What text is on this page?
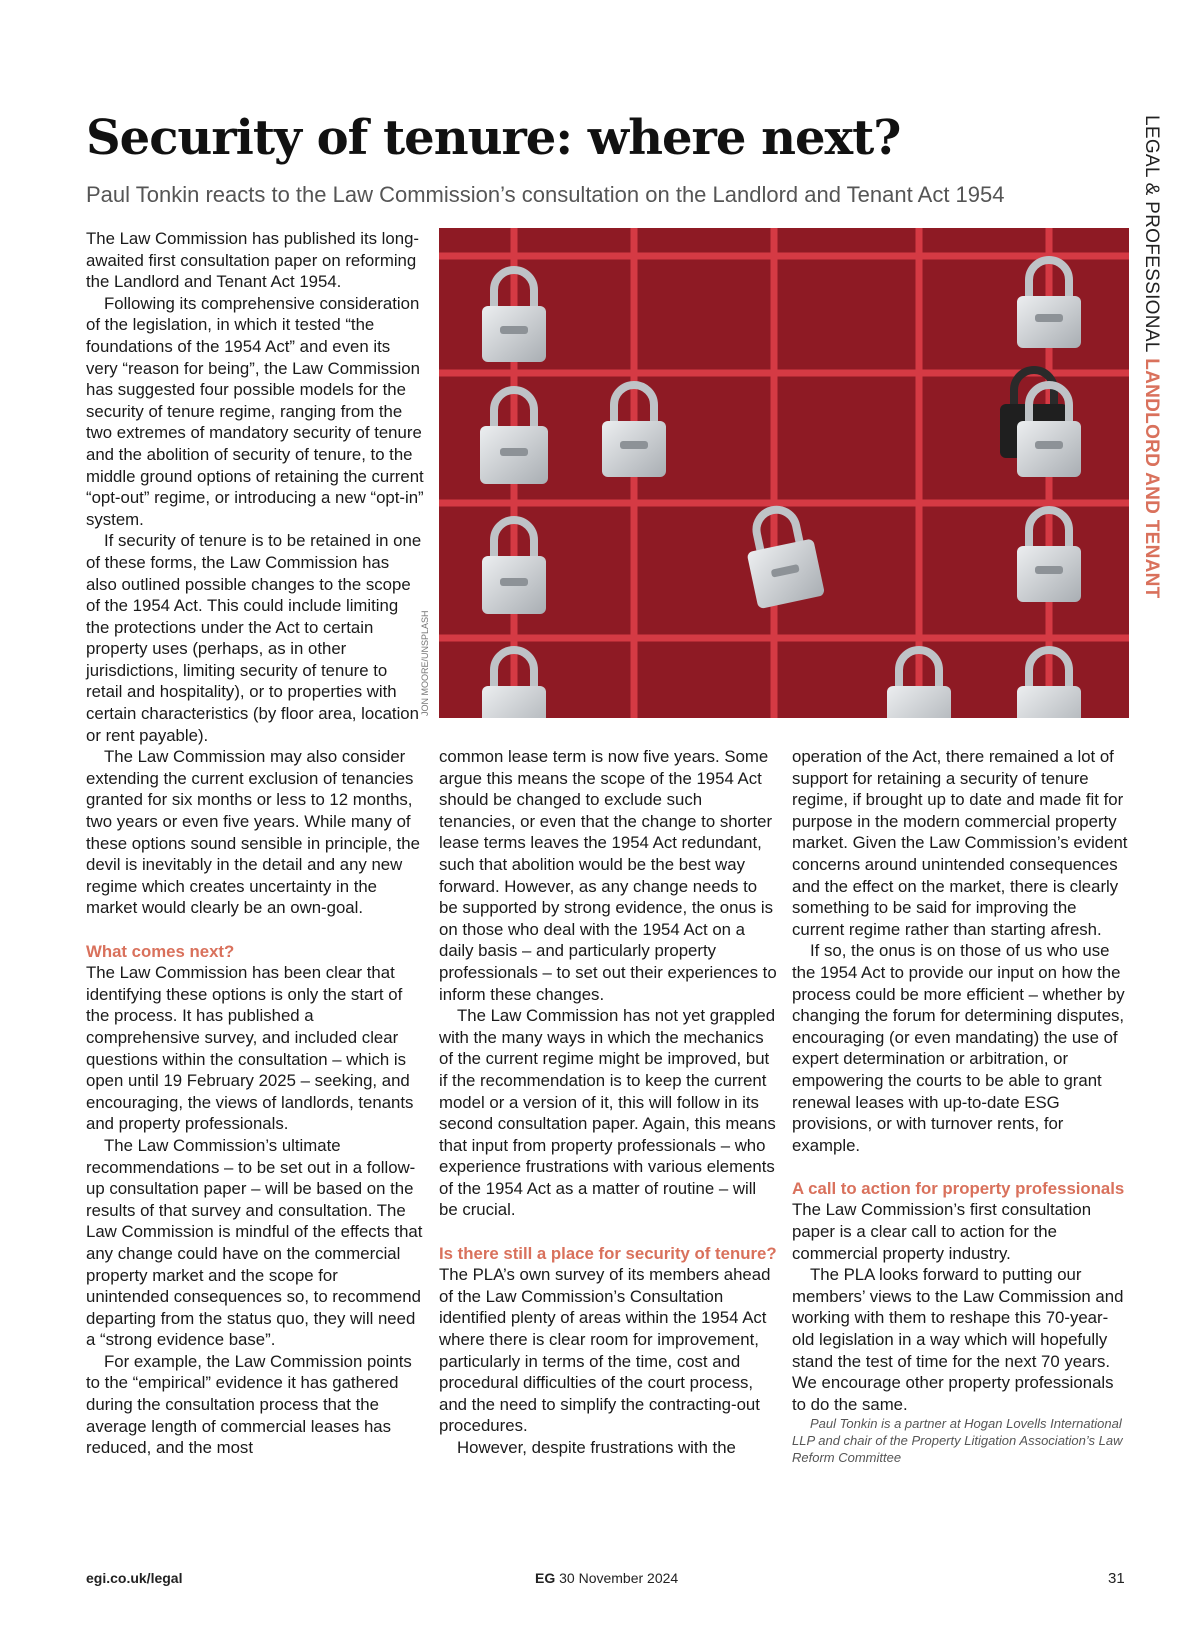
Security of tenure: where next?
Paul Tonkin reacts to the Law Commission’s consultation on the Landlord and Tenant Act 1954	LEGAL & PROFESSIONAL LANDLORD AND TENANT
JON MOORE/UNSPLASH

The Law Commission has published its long-awaited first consultation paper on reforming the Landlord and Tenant Act 1954.

Following its comprehensive consideration of the legislation, in which it tested “the foundations of the 1954 Act” and even its very “reason for being”, the Law Commission has suggested four possible models for the security of tenure regime, ranging from the two extremes of mandatory security of tenure and the abolition of security of tenure, to the middle ground options of retaining the current “opt-out” regime, or introducing a new “opt-in” system.

If security of tenure is to be retained in one of these forms, the Law Commission has also outlined possible changes to the scope of the 1954 Act. This could include limiting the protections under the Act to certain property uses (perhaps, as in other jurisdictions, limiting security of tenure to retail and hospitality), or to properties with certain characteristics (by floor area, location or rent payable).

The Law Commission may also consider extending the current exclusion of tenancies granted for six months or less to 12 months, two years or even five years. While many of these options sound sensible in principle, the devil is inevitably in the detail and any new regime which creates uncertainty in the market would clearly be an own-goal.

What comes next?

The Law Commission has been clear that identifying these options is only the start of the process. It has published a comprehensive survey, and included clear questions within the consultation – which is open until 19 February 2025 – seeking, and encouraging, the views of landlords, tenants and property professionals.

The Law Commission’s ultimate recommendations – to be set out in a follow-up consultation paper – will be based on the results of that survey and consultation. The Law Commission is mindful of the effects that any change could have on the commercial property market and the scope for unintended consequences so, to recommend departing from the status quo, they will need a “strong evidence base”.

For example, the Law Commission points to the “empirical” evidence it has gathered during the consultation process that the average length of commercial leases has reduced, and the most

common lease term is now five years. Some argue this means the scope of the 1954 Act should be changed to exclude such tenancies, or even that the change to shorter lease terms leaves the 1954 Act redundant, such that abolition would be the best way forward. However, as any change needs to be supported by strong evidence, the onus is on those who deal with the 1954 Act on a daily basis – and particularly property professionals – to set out their experiences to inform these changes.

The Law Commission has not yet grappled with the many ways in which the mechanics of the current regime might be improved, but if the recommendation is to keep the current model or a version of it, this will follow in its second consultation paper. Again, this means that input from property professionals – who experience frustrations with various elements of the 1954 Act as a matter of routine – will be crucial.

Is there still a place for security of tenure?

The PLA’s own survey of its members ahead of the Law Commission’s Consultation identified plenty of areas within the 1954 Act where there is clear room for improvement, particularly in terms of the time, cost and procedural difficulties of the court process, and the need to simplify the contracting-out procedures.

However, despite frustrations with the

operation of the Act, there remained a lot of support for retaining a security of tenure regime, if brought up to date and made fit for purpose in the modern commercial property market. Given the Law Commission’s evident concerns around unintended consequences and the effect on the market, there is clearly something to be said for improving the current regime rather than starting afresh.

If so, the onus is on those of us who use the 1954 Act to provide our input on how the process could be more efficient – whether by changing the forum for determining disputes, encouraging (or even mandating) the use of expert determination or arbitration, or empowering the courts to be able to grant renewal leases with up-to-date ESG provisions, or with turnover rents, for example.

A call to action for property professionals

The Law Commission’s first consultation paper is a clear call to action for the commercial property industry.

The PLA looks forward to putting our members’ views to the Law Commission and working with them to reshape this 70-year-old legislation in a way which will hopefully stand the test of time for the next 70 years. We encourage other property professionals to do the same.

Paul Tonkin is a partner at Hogan Lovells International LLP and chair of the Property Litigation Association’s Law Reform Committee

egi.co.uk/legal	EG 30 November 2024	31
